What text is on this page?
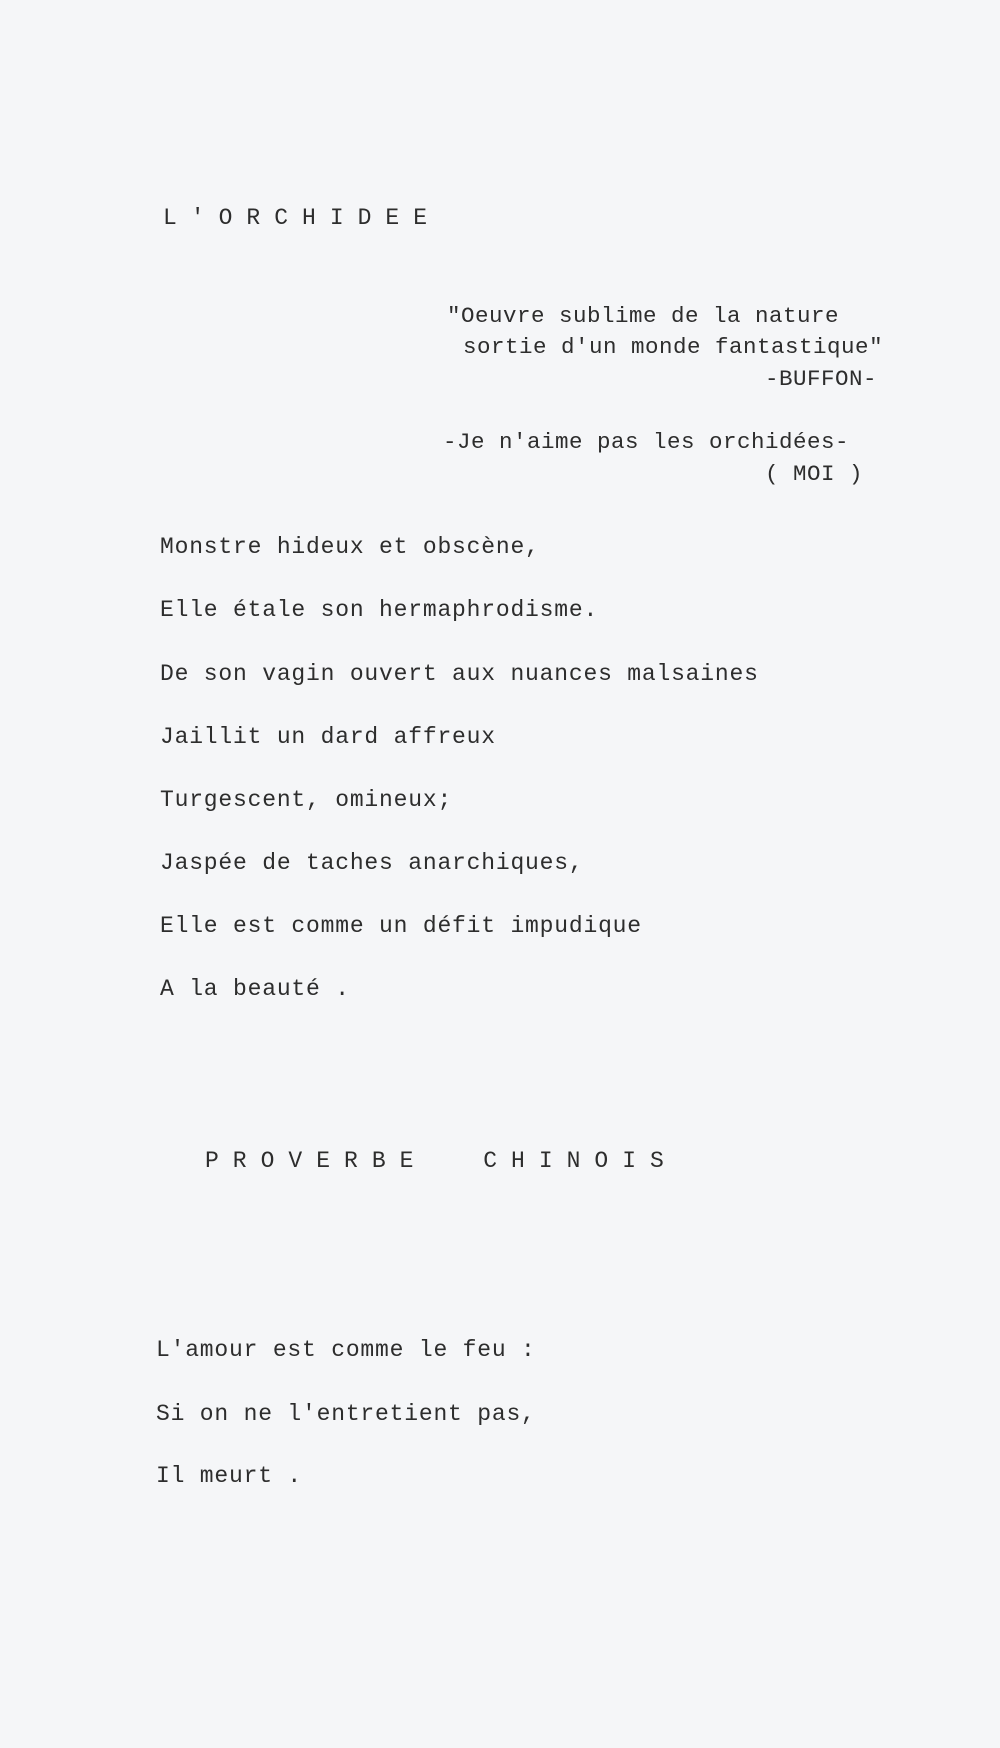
L'ORCHIDEE
"Oeuvre sublime de la nature
sortie d'un monde fantastique"
-BUFFON-
-Je n'aime pas les orchidées-
( MOI )
Monstre hideux et obscène,
Elle étale son hermaphrodisme.
De son vagin ouvert aux nuances malsaines
Jaillit un dard affreux
Turgescent, omineux;
Jaspée de taches anarchiques,
Elle est comme un défit impudique
A la beauté .
PROVERBE CHINOIS
L'amour est comme le feu :
Si on ne l'entretient pas,
Il meurt .
